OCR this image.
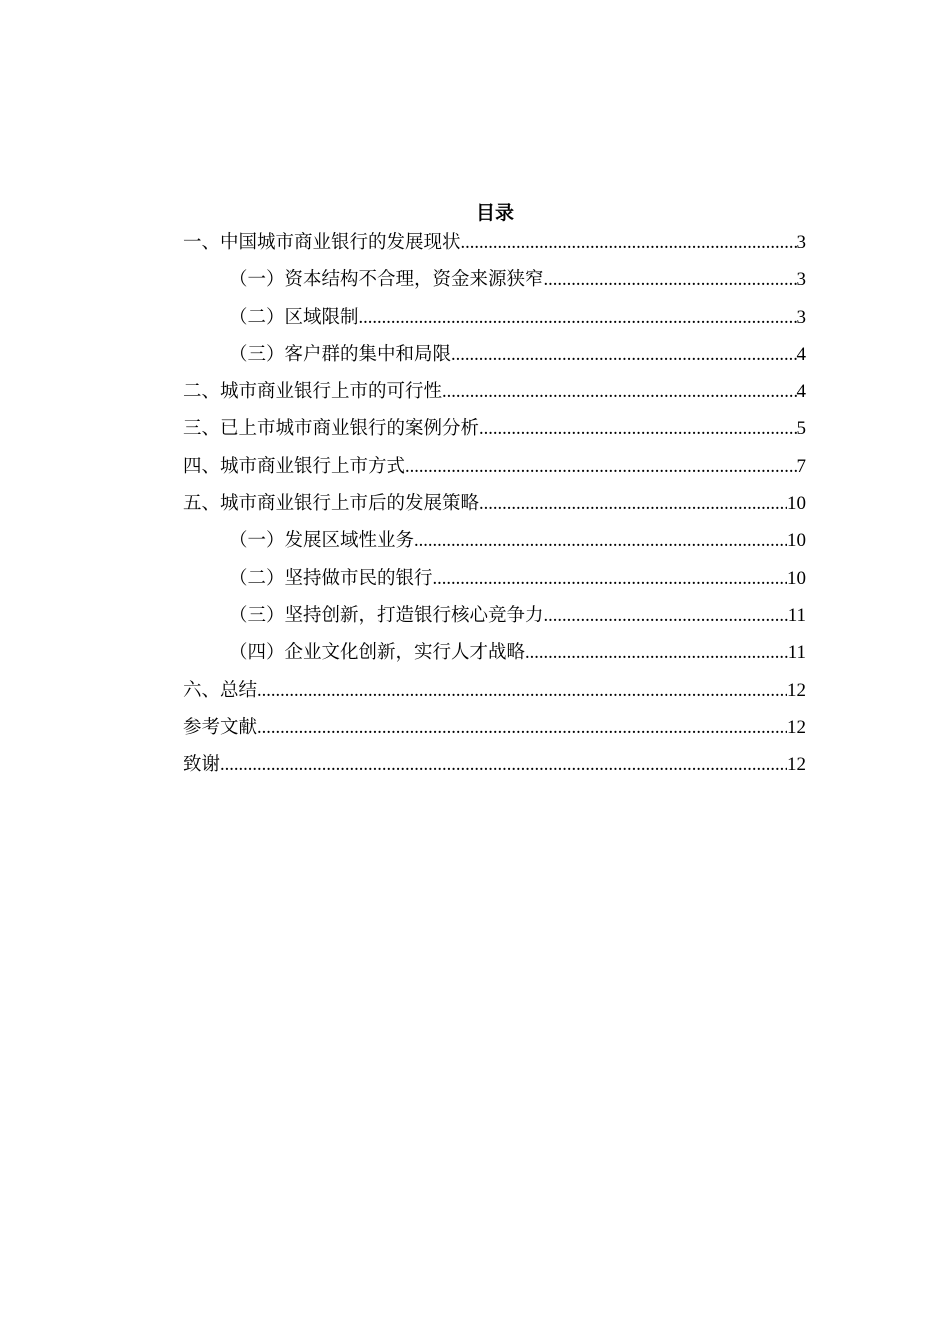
目录
一、中国城市商业银行的发展现状 .....	3
（一）资本结构不合理，资金来源狭窄 .....	3
（二）区域限制 .....	3
（三）客户群的集中和局限 .....	4
二、城市商业银行上市的可行性 .....	4
三、已上市城市商业银行的案例分析 .....	5
四、城市商业银行上市方式 .....	7
五、城市商业银行上市后的发展策略 .....	10
（一）发展区域性业务 .....	10
（二）坚持做市民的银行 .....	10
（三）坚持创新，打造银行核心竞争力 .....	11
（四）企业文化创新，实行人才战略 .....	11
六、总结 .....	12
参考文献 .....	12
致谢 .....	12
